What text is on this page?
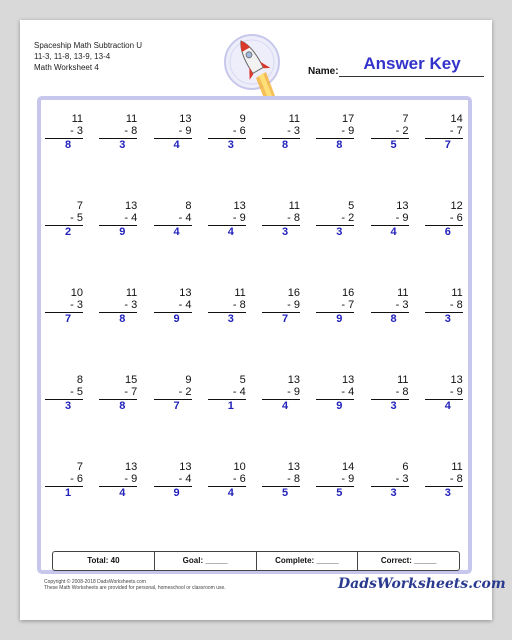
Spaceship Math Subtraction U
11-3, 11-8, 13-9, 13-4
Math Worksheet 4	Name:	Answer Key
11
- 3
8
11
- 8
3
13
- 9
4
9
- 6
3
11
- 3
8
17
- 9
8
7
- 2
5
14
- 7
7
7
- 5
2
13
- 4
9
8
- 4
4
13
- 9
4
11
- 8
3
5
- 2
3
13
- 9
4
12
- 6
6
10
- 3
7
11
- 3
8
13
- 4
9
11
- 8
3
16
- 9
7
16
- 7
9
11
- 3
8
11
- 8
3
8
- 5
3
15
- 7
8
9
- 2
7
5
- 4
1
13
- 9
4
13
- 4
9
11
- 8
3
13
- 9
4
7
- 6
1
13
- 9
4
13
- 4
9
10
- 6
4
13
- 8
5
14
- 9
5
6
- 3
3
11
- 8
3
Total: 40	Goal: _____	Complete: _____	Correct: _____
Copyright © 2008-2018 DadsWorksheets.com
These Math Worksheets are provided for personal, homeschool or classroom use.	DadsWorksheets.com
